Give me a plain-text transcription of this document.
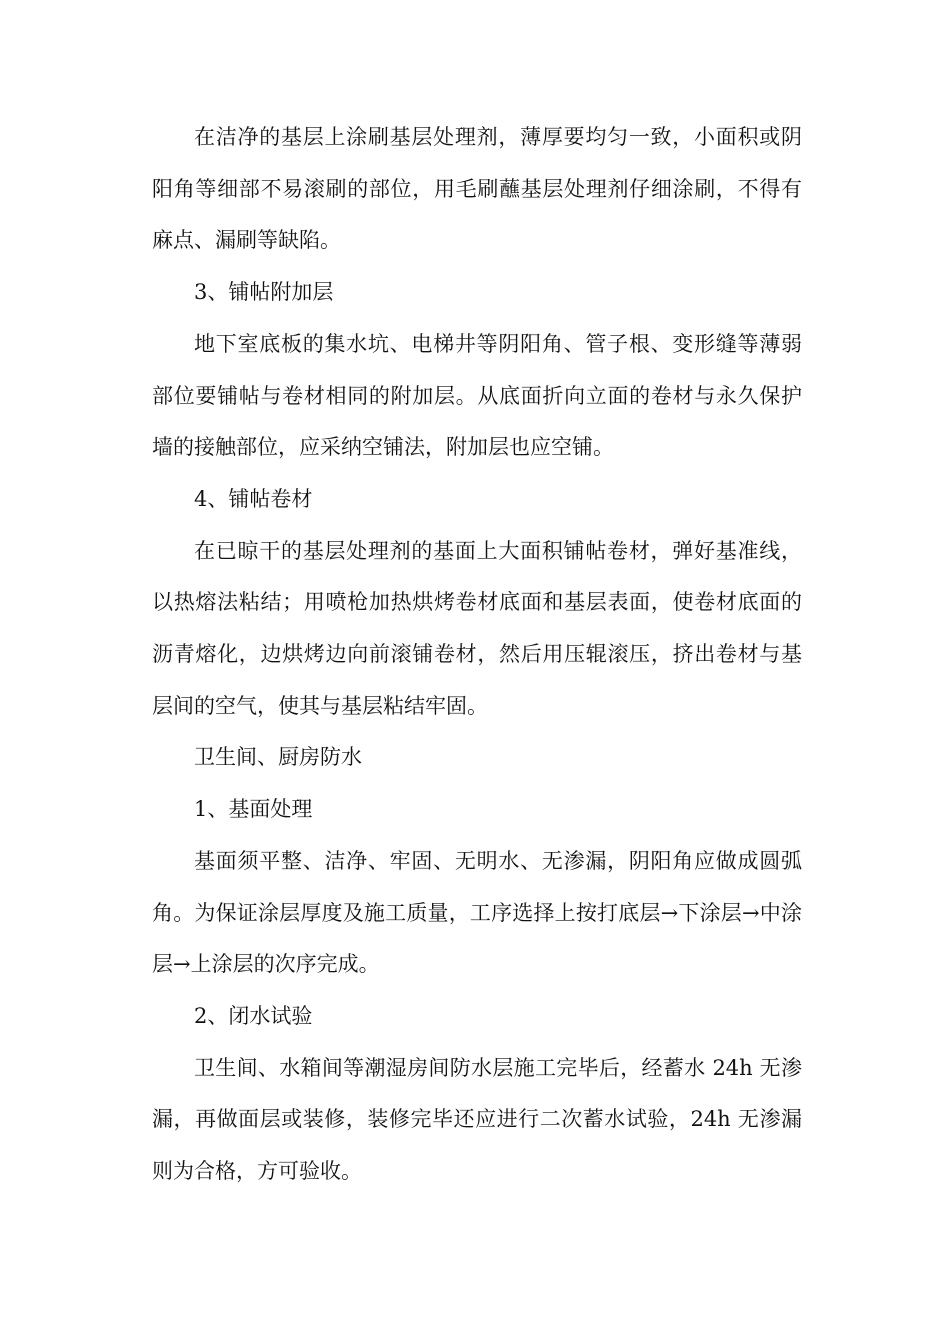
在洁净的基层上涂刷基层处理剂，薄厚要均匀一致，小面积或阴阳角等细部不易滚刷的部位，用毛刷蘸基层处理剂仔细涂刷，不得有麻点、漏刷等缺陷。

3、铺帖附加层

地下室底板的集水坑、电梯井等阴阳角、管子根、变形缝等薄弱部位要铺帖与卷材相同的附加层。从底面折向立面的卷材与永久保护墙的接触部位，应采纳空铺法，附加层也应空铺。

4、铺帖卷材

在已晾干的基层处理剂的基面上大面积铺帖卷材，弹好基准线，以热熔法粘结；用喷枪加热烘烤卷材底面和基层表面，使卷材底面的沥青熔化，边烘烤边向前滚铺卷材，然后用压辊滚压，挤出卷材与基层间的空气，使其与基层粘结牢固。

卫生间、厨房防水

1、基面处理

基面须平整、洁净、牢固、无明水、无渗漏，阴阳角应做成圆弧角。为保证涂层厚度及施工质量，工序选择上按打底层→下涂层→中涂层→上涂层的次序完成。

2、闭水试验

卫生间、水箱间等潮湿房间防水层施工完毕后，经蓄水 24h 无渗漏，再做面层或装修，装修完毕还应进行二次蓄水试验，24h 无渗漏则为合格，方可验收。
